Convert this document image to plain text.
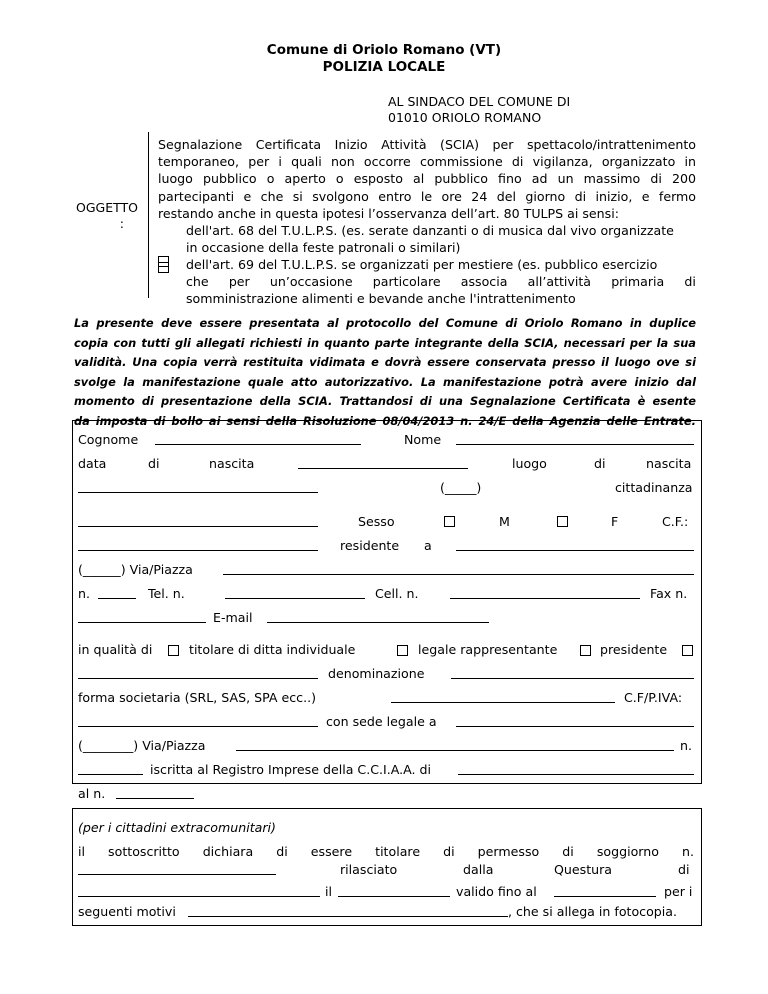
Comune di Oriolo Romano (VT)
POLIZIA LOCALE
AL SINDACO DEL COMUNE DI
01010 ORIOLO ROMANO
OGGETTO
:

Segnalazione Certificata Inizio Attività (SCIA) per spettacolo/intrattenimento

temporaneo, per i quali non occorre commissione di vigilanza, organizzato in

luogo pubblico o aperto o esposto al pubblico fino ad un massimo di 200

partecipanti e che si svolgono entro le ore 24 del giorno di inizio, e fermo

restando anche in questa ipotesi l’osservanza dell’art. 80 TULPS ai sensi:

dell'art. 68 del T.U.L.P.S. (es. serate danzanti o di musica dal vivo organizzate

in occasione della feste patronali o similari)

dell'art. 69 del T.U.L.P.S. se organizzati per mestiere (es. pubblico esercizio

che per un’occasione particolare associa all’attività primaria di

somministrazione alimenti e bevande anche l'intrattenimento

La presente deve essere presentata al protocollo del Comune di Oriolo Romano in duplice
copia con tutti gli allegati richiesti in quanto parte integrante della SCIA, necessari per la sua
validità. Una copia verrà restituita vidimata e dovrà essere conservata presso il luogo ove si
svolge la manifestazione quale atto autorizzativo. La manifestazione potrà avere inizio dal
momento di presentazione della SCIA. Trattandosi di una Segnalazione Certificata è esente
da imposta di bollo ai sensi della Risoluzione 08/04/2013 n. 24/E della Agenzia delle Entrate.
Cognome	Nome
data	di	nascita	luogo	di	nascita
(_____)	cittadinanza
Sesso	M	F	C.F.:
residente a
(______) Via/Piazza
n.	Tel. n.	Cell. n.	Fax n.
E-mail
in qualità di	titolare di ditta individuale	legale rappresentante	presidente
denominazione
forma societaria (SRL, SAS, SPA ecc..)	C.F/P.IVA:
con sede legale a
(________) Via/Piazza	n.
iscritta al Registro Imprese della C.C.I.A.A. di
al n.
(per i cittadini extracomunitari)
il sottoscritto dichiara di essere titolare di permesso di soggiorno n.
rilasciato	dalla	Questura	di
il	valido fino al	per i
seguenti motivi	, che si allega in fotocopia.
